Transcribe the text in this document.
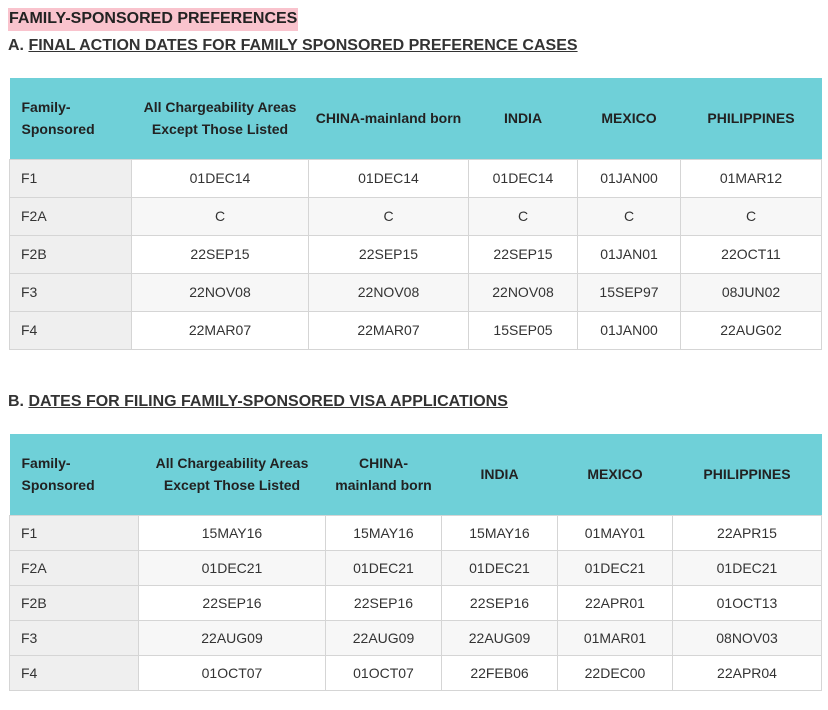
FAMILY-SPONSORED PREFERENCES
A. FINAL ACTION DATES FOR FAMILY SPONSORED PREFERENCE CASES
Family-Sponsored	All Chargeability Areas Except Those Listed	CHINA-mainland born	INDIA	MEXICO	PHILIPPINES
F1	01DEC14	01DEC14	01DEC14	01JAN00	01MAR12
F2A	C	C	C	C	C
F2B	22SEP15	22SEP15	22SEP15	01JAN01	22OCT11
F3	22NOV08	22NOV08	22NOV08	15SEP97	08JUN02
F4	22MAR07	22MAR07	15SEP05	01JAN00	22AUG02
B. DATES FOR FILING FAMILY-SPONSORED VISA APPLICATIONS
Family-Sponsored	All Chargeability Areas Except Those Listed	CHINA-mainland born	INDIA	MEXICO	PHILIPPINES
F1	15MAY16	15MAY16	15MAY16	01MAY01	22APR15
F2A	01DEC21	01DEC21	01DEC21	01DEC21	01DEC21
F2B	22SEP16	22SEP16	22SEP16	22APR01	01OCT13
F3	22AUG09	22AUG09	22AUG09	01MAR01	08NOV03
F4	01OCT07	01OCT07	22FEB06	22DEC00	22APR04
